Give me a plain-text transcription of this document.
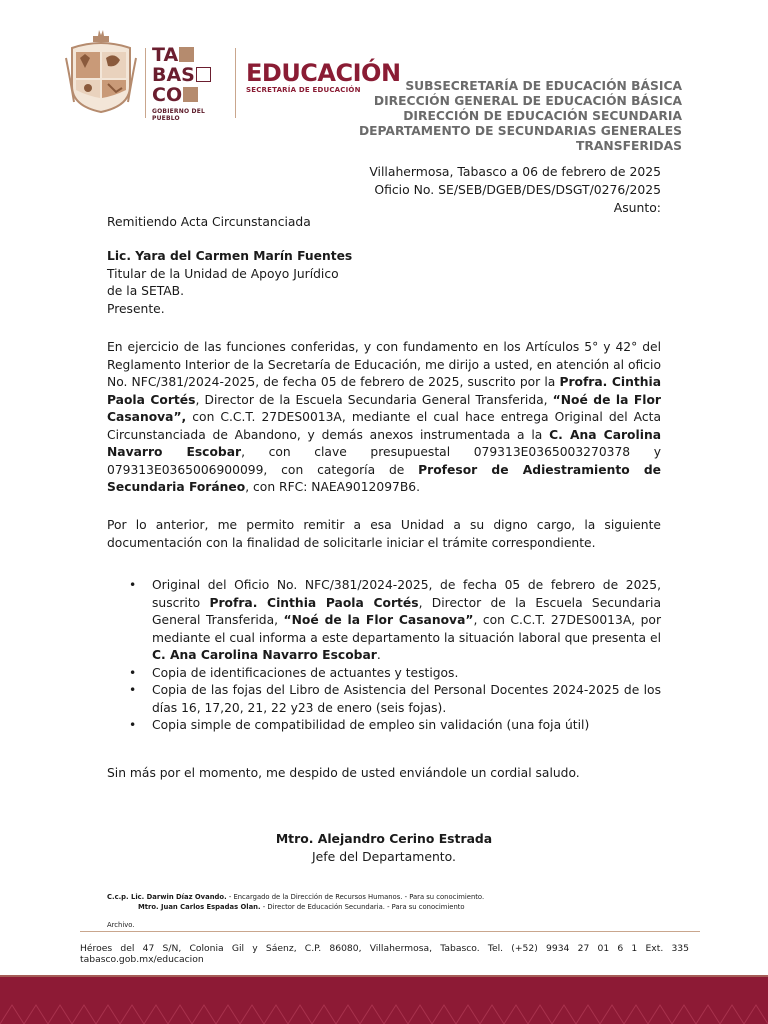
TA
BAS
CO
GOBIERNO DEL PUEBLO
EDUCACIÓN
SECRETARÍA DE EDUCACIÓN	SUBSECRETARÍA DE EDUCACIÓN BÁSICA
DIRECCIÓN GENERAL DE EDUCACIÓN BÁSICA
DIRECCIÓN DE EDUCACIÓN SECUNDARIA
DEPARTAMENTO DE SECUNDARIAS GENERALES
TRANSFERIDAS
Villahermosa, Tabasco a 06 de febrero de 2025
Oficio No. SE/SEB/DGEB/DES/DSGT/0276/2025
Asunto:
Remitiendo Acta Circunstanciada
Lic. Yara del Carmen Marín Fuentes
Titular de la Unidad de Apoyo Jurídico
de la SETAB.
Presente.
En ejercicio de las funciones conferidas, y con fundamento en los Artículos 5° y 42° del Reglamento Interior de la Secretaría de Educación, me dirijo a usted, en atención al oficio No. NFC/381/2024-2025, de fecha 05 de febrero de 2025, suscrito por la Profra. Cinthia Paola Cortés, Director de la Escuela Secundaria General Transferida, “Noé de la Flor Casanova”, con C.C.T. 27DES0013A, mediante el cual hace entrega Original del Acta Circunstanciada de Abandono, y demás anexos instrumentada a la C. Ana Carolina Navarro Escobar, con clave presupuestal 079313E0365003270378 y 079313E0365006900099, con categoría de Profesor de Adiestramiento de Secundaria Foráneo, con RFC: NAEA9012097B6.
Por lo anterior, me permito remitir a esa Unidad a su digno cargo, la siguiente documentación con la finalidad de solicitarle iniciar el trámite correspondiente.
• Original del Oficio No. NFC/381/2024-2025, de fecha 05 de febrero de 2025, suscrito Profra. Cinthia Paola Cortés, Director de la Escuela Secundaria General Transferida, “Noé de la Flor Casanova”, con C.C.T. 27DES0013A, por mediante el cual informa a este departamento la situación laboral que presenta el C. Ana Carolina Navarro Escobar.
• Copia de identificaciones de actuantes y testigos.
• Copia de las fojas del Libro de Asistencia del Personal Docentes 2024-2025 de los días 16, 17,20, 21, 22 y23 de enero (seis fojas).
• Copia simple de compatibilidad de empleo sin validación (una foja útil)
Sin más por el momento, me despido de usted enviándole un cordial saludo.
Mtro. Alejandro Cerino Estrada
Jefe del Departamento.
C.c.p. Lic. Darwin Díaz Ovando. - Encargado de la Dirección de Recursos Humanos. - Para su conocimiento.
Mtro. Juan Carlos Espadas Olan. - Director de Educación Secundaria. - Para su conocimiento
Archivo.
Héroes del 47 S/N, Colonia Gil y Sáenz, C.P. 86080, Villahermosa, Tabasco. Tel. (+52) 9934 27 01 6 1 Ext. 335
tabasco.gob.mx/educacion
